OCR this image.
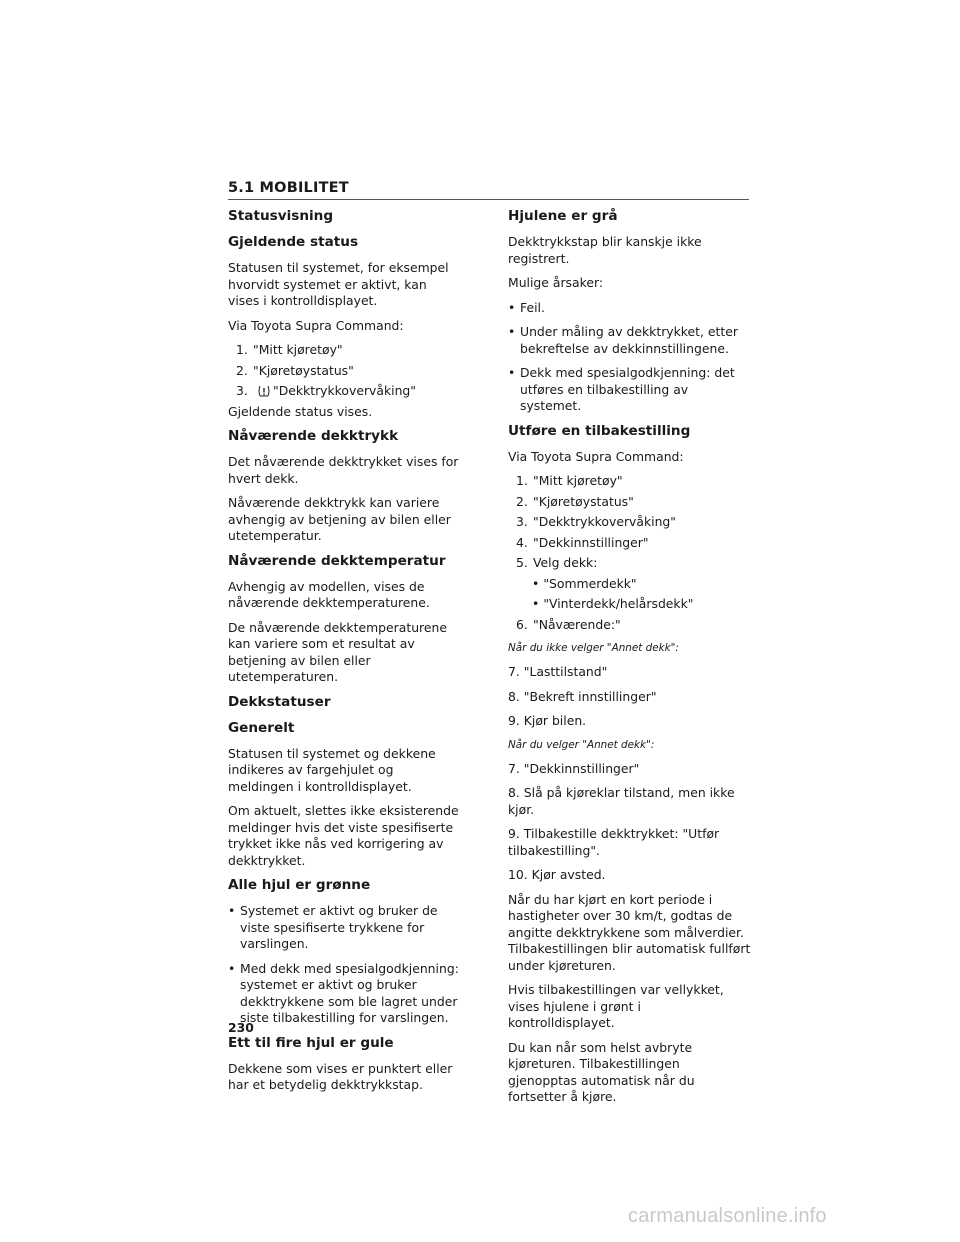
5.1 MOBILITET
Statusvisning
Gjeldende status

Statusen til systemet, for eksempel hvorvidt systemet er aktivt, kan vises i kontrolldisplayet.

Via Toyota Supra Command:

1. "Mitt kjøretøy"
2. "Kjøretøystatus"
3. "Dekktrykkovervåking"

Gjeldende status vises.

Nåværende dekktrykk

Det nåværende dekktrykket vises for hvert dekk.

Nåværende dekktrykk kan variere avhengig av betjening av bilen eller utetemperatur.

Nåværende dekktemperatur

Avhengig av modellen, vises de nåværende dekktemperaturene.

De nåværende dekktemperaturene kan variere som et resultat av betjening av bilen eller utetemperaturen.

Dekkstatuser
Generelt

Statusen til systemet og dekkene indikeres av fargehjulet og meldingen i kontrolldisplayet.

Om aktuelt, slettes ikke eksisterende meldinger hvis det viste spesifiserte trykket ikke nås ved korrigering av dekktrykket.

Alle hjul er grønne
• Systemet er aktivt og bruker de viste spesifiserte trykkene for varslingen.
• Med dekk med spesialgodkjenning: systemet er aktivt og bruker dekktrykkene som ble lagret under siste tilbakestilling for varslingen.
Ett til fire hjul er gule

Dekkene som vises er punktert eller har et betydelig dekktrykkstap.

Hjulene er grå

Dekktrykkstap blir kanskje ikke registrert.

Mulige årsaker:

• Feil.
• Under måling av dekktrykket, etter bekreftelse av dekkinnstillingene.
• Dekk med spesialgodkjenning: det utføres en tilbakestilling av systemet.
Utføre en tilbakestilling

Via Toyota Supra Command:

1. "Mitt kjøretøy"
2. "Kjøretøystatus"
3. "Dekktrykkovervåking"
4. "Dekkinnstillinger"
5. Velg dekk:
• "Sommerdekk"
• "Vinterdekk/helårsdekk"
6. "Nåværende:"
Når du ikke velger "Annet dekk":

7. "Lasttilstand"

8. "Bekreft innstillinger"

9. Kjør bilen.

Når du velger "Annet dekk":

7. "Dekkinnstillinger"

8. Slå på kjøreklar tilstand, men ikke kjør.

9. Tilbakestille dekktrykket: "Utfør tilbakestilling".

10. Kjør avsted.

Når du har kjørt en kort periode i hastigheter over 30 km/t, godtas de angitte dekktrykkene som målverdier. Tilbakestillingen blir automatisk fullført under kjøreturen.

Hvis tilbakestillingen var vellykket, vises hjulene i grønt i kontrolldisplayet.

Du kan når som helst avbryte kjøreturen. Tilbakestillingen gjenopptas automatisk når du fortsetter å kjøre.

230
carmanualsonline.info
